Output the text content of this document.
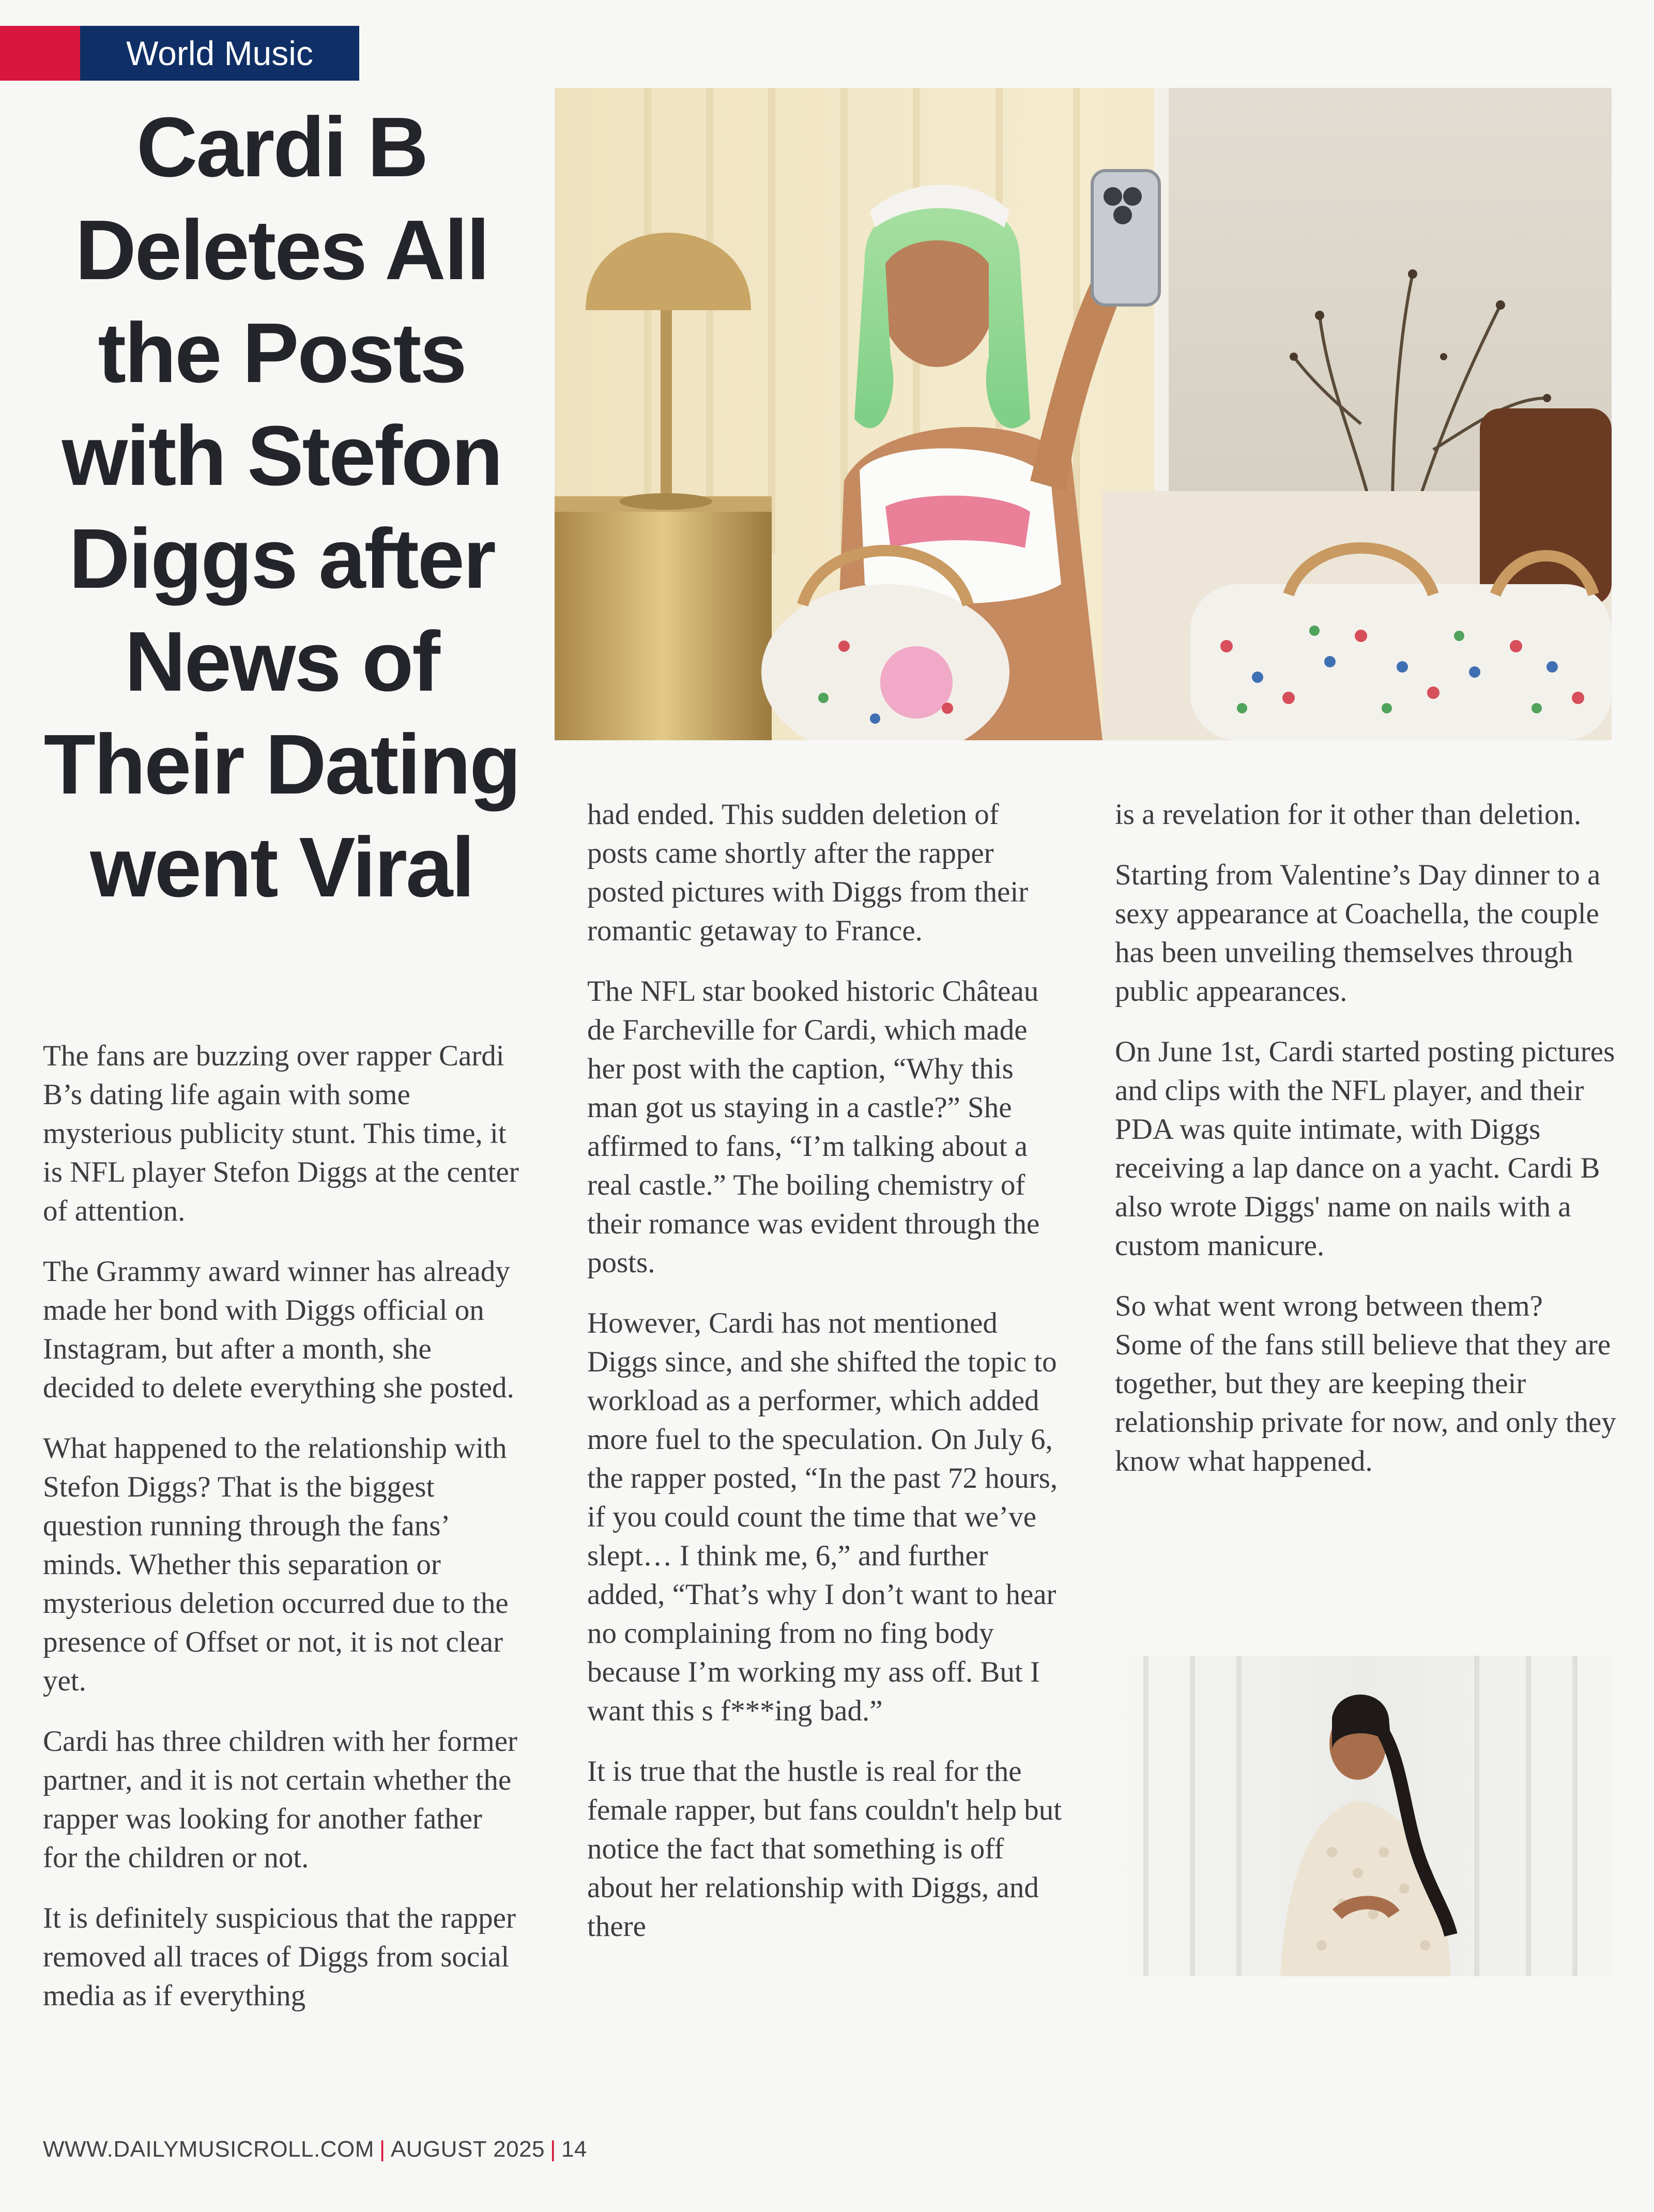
World Music
Cardi B Deletes All the Posts with Stefon Diggs after News of Their Dating went Viral

The fans are buzzing over rapper Cardi B’s dating life again with some mysterious publicity stunt. This time, it is NFL player Stefon Diggs at the center of attention.

The Grammy award winner has already made her bond with Diggs official on Instagram, but after a month, she decided to delete everything she posted.

What happened to the relationship with Stefon Diggs? That is the biggest question running through the fans’ minds. Whether this separation or mysterious deletion occurred due to the presence of Offset or not, it is not clear yet.

Cardi has three children with her former partner, and it is not certain whether the rapper was looking for another father for the children or not.

It is definitely suspicious that the rapper removed all traces of Diggs from social media as if everything

had ended. This sudden deletion of posts came shortly after the rapper posted pictures with Diggs from their romantic getaway to France.

The NFL star booked historic Château de Farcheville for Cardi, which made her post with the caption, “Why this man got us staying in a castle?” She affirmed to fans, “I’m talking about a real castle.” The boiling chemistry of their romance was evident through the posts.

However, Cardi has not mentioned Diggs since, and she shifted the topic to workload as a performer, which added more fuel to the speculation. On July 6, the rapper posted, “In the past 72 hours, if you could count the time that we’ve slept… I think me, 6,” and further added, “That’s why I don’t want to hear no complaining from no fing body because I’m working my ass off. But I want this s f***ing bad.”

It is true that the hustle is real for the female rapper, but fans couldn't help but notice the fact that something is off about her relationship with Diggs, and there

is a revelation for it other than deletion.

Starting from Valentine’s Day dinner to a sexy appearance at Coachella, the couple has been unveiling themselves through public appearances.

On June 1st, Cardi started posting pictures and clips with the NFL player, and their PDA was quite intimate, with Diggs receiving a lap dance on a yacht. Cardi B also wrote Diggs' name on nails with a custom manicure.

So what went wrong between them? Some of the fans still believe that they are together, but they are keeping their relationship private for now, and only they know what happened.

WWW.DAILYMUSICROLL.COM | AUGUST 2025 | 14
